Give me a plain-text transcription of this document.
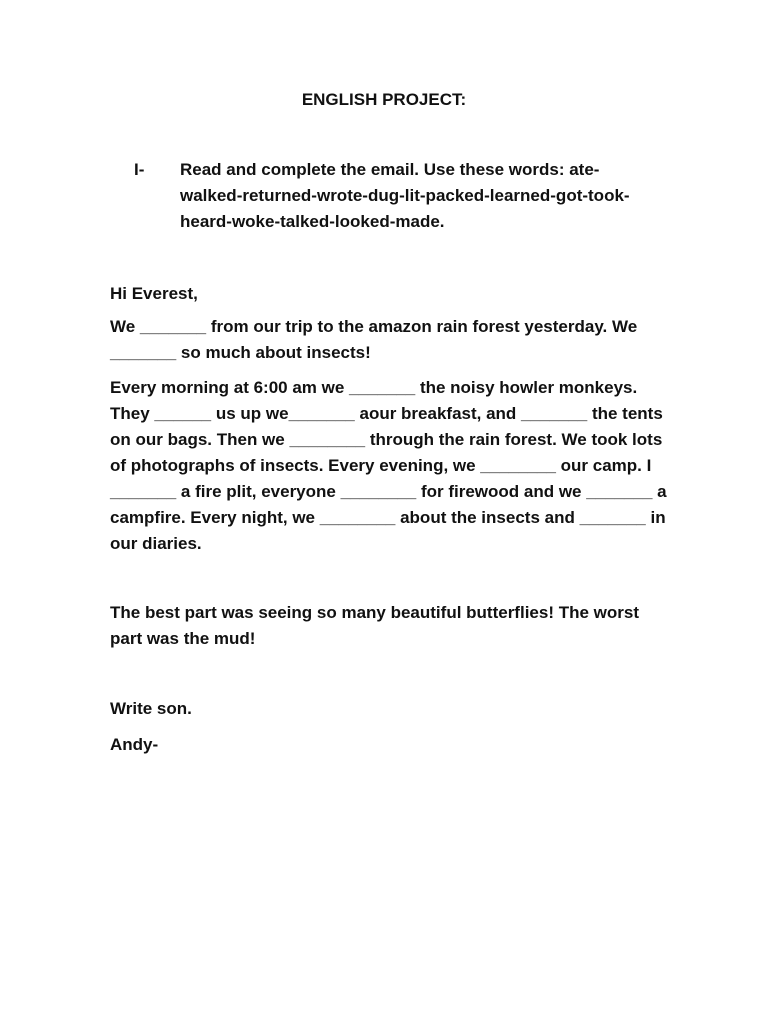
ENGLISH PROJECT:
I- Read and complete the email. Use these words: ate-walked-returned-wrote-dug-lit-packed-learned-got-took-heard-woke-talked-looked-made.

Hi Everest,

We _______ from our trip to the amazon rain forest yesterday. We _______ so much about insects!

Every morning at 6:00 am we _______ the noisy howler monkeys. They ______ us up we_______ aour breakfast, and _______ the tents on our bags. Then we ________ through the rain forest. We took lots of photographs of insects. Every evening, we ________ our camp. I _______ a fire plit, everyone ________ for firewood and we _______ a campfire. Every night, we ________ about the insects and _______ in our diaries.

The best part was seeing so many beautiful butterflies! The worst part was the mud!

Write son.

Andy-
